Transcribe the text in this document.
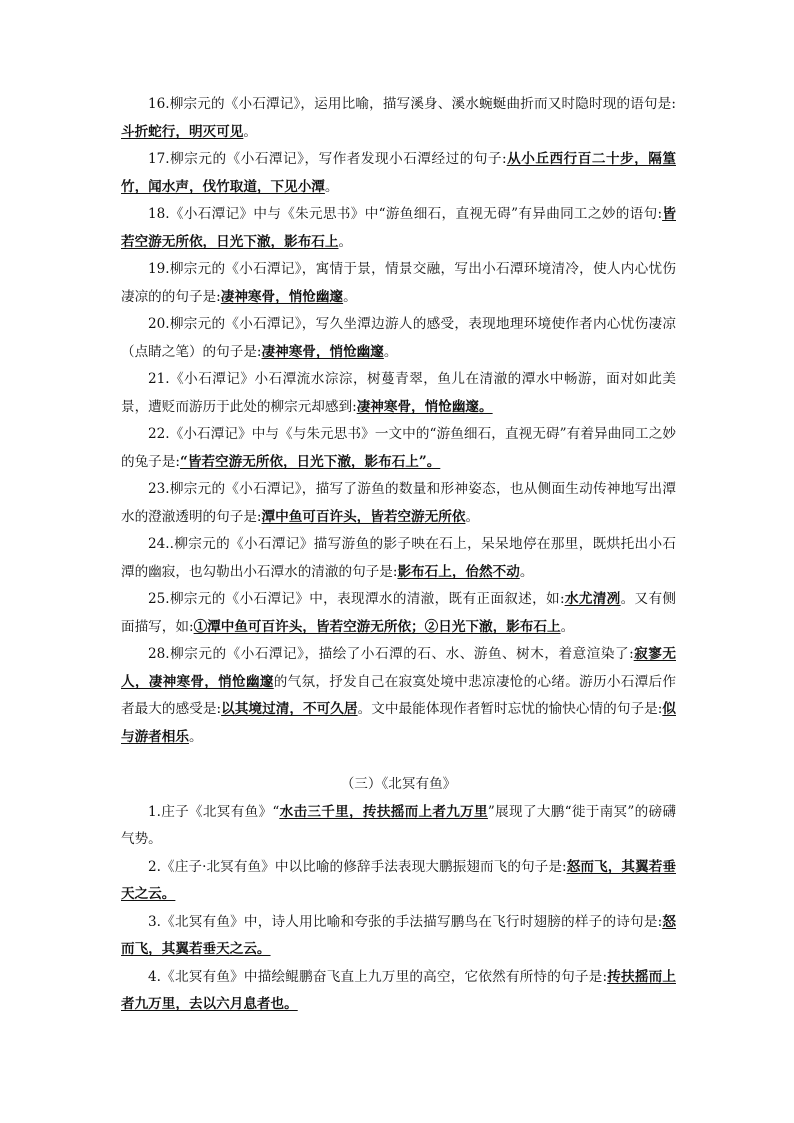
16.柳宗元的《小石潭记》，运用比喻，描写溪身、溪水蜿蜒曲折而又时隐时现的语句是:斗折蛇行，明灭可见。

17.柳宗元的《小石潭记》，写作者发现小石潭经过的句子:从小丘西行百二十步，隔篁竹，闻水声，伐竹取道，下见小潭。

18.《小石潭记》中与《朱元思书》中“游鱼细石，直视无碍”有异曲同工之妙的语句:皆若空游无所依，日光下澈，影布石上。

19.柳宗元的《小石潭记》，寓情于景，情景交融，写出小石潭环境清冷，使人内心忧伤凄凉的的句子是:凄神寒骨，悄怆幽邃。

20.柳宗元的《小石潭记》，写久坐潭边游人的感受，表现地理环境使作者内心忧伤凄凉（点睛之笔）的句子是:凄神寒骨，悄怆幽邃。

21.《小石潭记》小石潭流水淙淙，树蔓青翠，鱼儿在清澈的潭水中畅游，面对如此美景，遭贬而游历于此处的柳宗元却感到:凄神寒骨，悄怆幽邃。

22.《小石潭记》中与《与朱元思书》一文中的“游鱼细石，直视无碍”有着异曲同工之妙的兔子是:“皆若空游无所依，日光下澈，影布石上”。

23.柳宗元的《小石潭记》，描写了游鱼的数量和形神姿态，也从侧面生动传神地写出潭水的澄澈透明的句子是:潭中鱼可百许头，皆若空游无所依。

24..柳宗元的《小石潭记》描写游鱼的影子映在石上，呆呆地停在那里，既烘托出小石潭的幽寂，也勾勒出小石潭水的清澈的句子是:影布石上，佁然不动。

25.柳宗元的《小石潭记》中，表现潭水的清澈，既有正面叙述，如:水尤清冽。又有侧面描写，如:①潭中鱼可百许头，皆若空游无所依；②日光下澈，影布石上。

28.柳宗元的《小石潭记》，描绘了小石潭的石、水、游鱼、树木，着意渲染了:寂寥无人，凄神寒骨，悄怆幽邃的气氛，抒发自己在寂寞处境中悲凉凄怆的心绪。游历小石潭后作者最大的感受是:以其境过清，不可久居。文中最能体现作者暂时忘忧的愉快心情的句子是:似与游者相乐。

（三）《北冥有鱼》

1.庄子《北冥有鱼》“水击三千里，抟扶摇而上者九万里”展现了大鹏“徙于南冥”的磅礴气势。

2.《庄子·北冥有鱼》中以比喻的修辞手法表现大鹏振翅而飞的句子是:怒而飞，其翼若垂天之云。

3.《北冥有鱼》中，诗人用比喻和夸张的手法描写鹏鸟在飞行时翅膀的样子的诗句是:怒而飞，其翼若垂天之云。

4.《北冥有鱼》中描绘鲲鹏奋飞直上九万里的高空，它依然有所恃的句子是:抟扶摇而上者九万里，去以六月息者也。
